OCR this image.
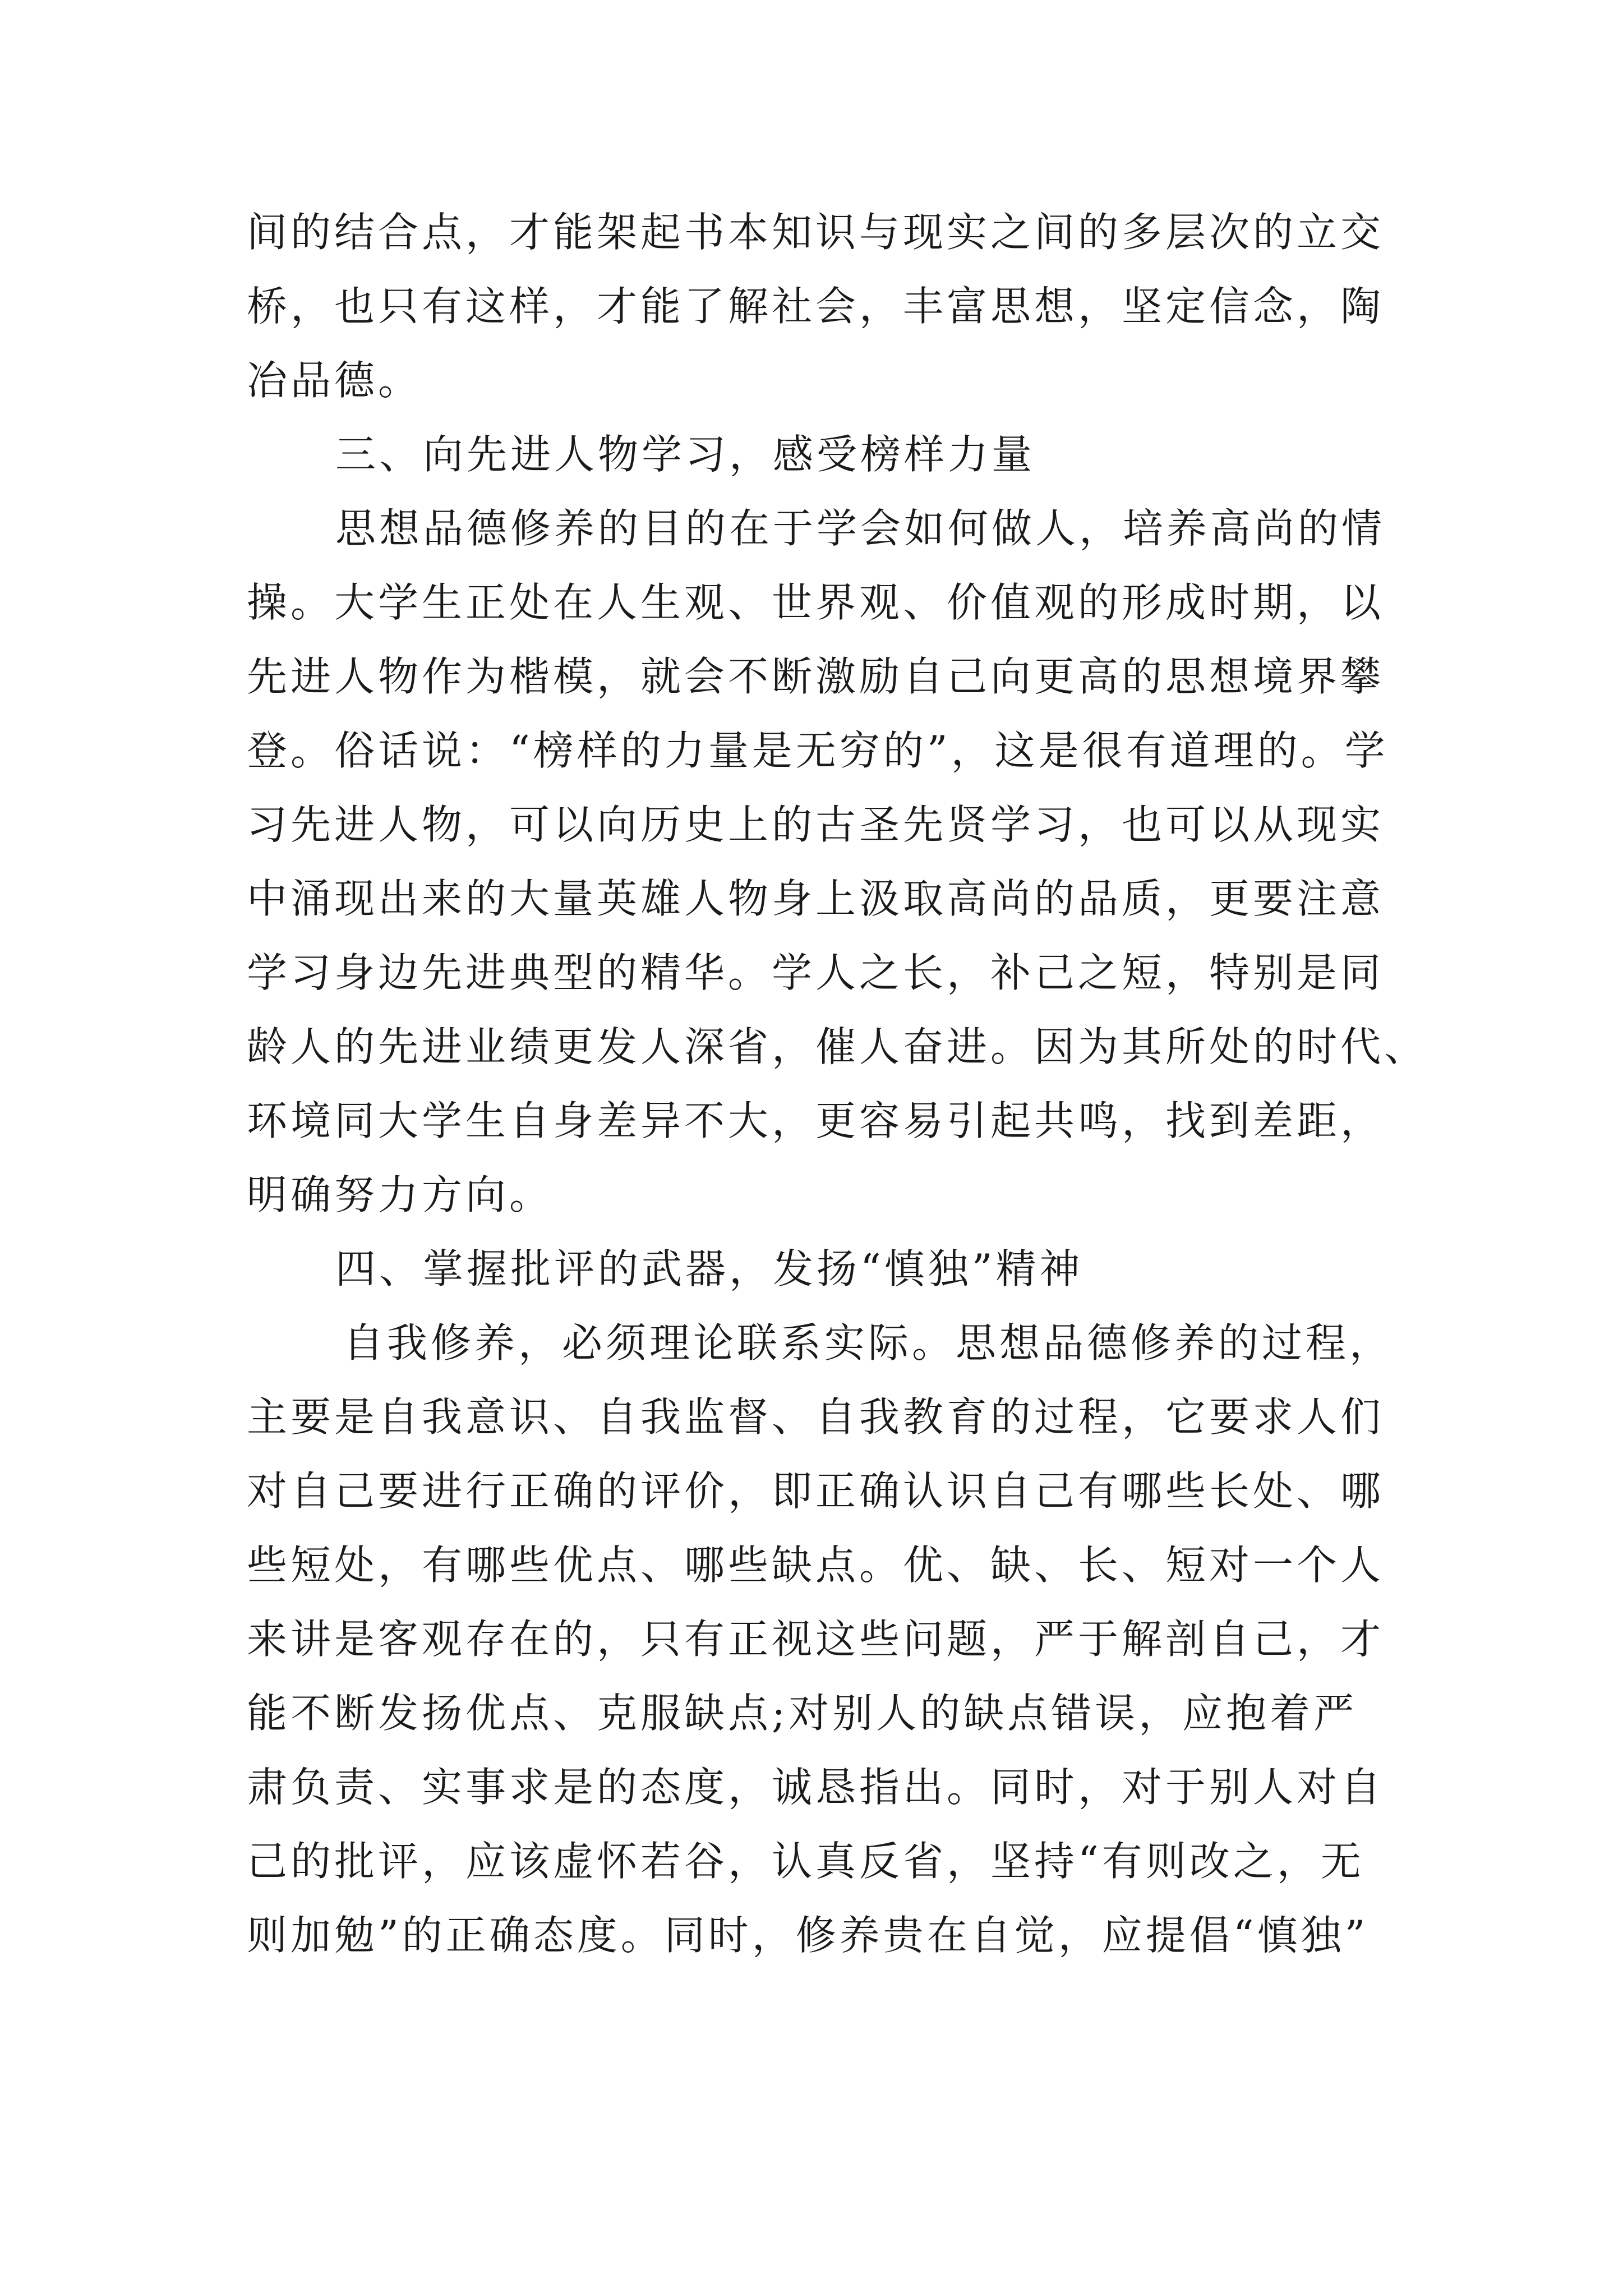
间的结合点，才能架起书本知识与现实之间的多层次的立交
桥，也只有这样，才能了解社会，丰富思想，坚定信念，陶
冶品德。
三、向先进人物学习，感受榜样力量
思想品德修养的目的在于学会如何做人，培养高尚的情
操。大学生正处在人生观、世界观、价值观的形成时期，以
先进人物作为楷模，就会不断激励自己向更高的思想境界攀
登。俗话说：“榜样的力量是无穷的”，这是很有道理的。学
习先进人物，可以向历史上的古圣先贤学习，也可以从现实
中涌现出来的大量英雄人物身上汲取高尚的品质，更要注意
学习身边先进典型的精华。学人之长，补己之短，特别是同
龄人的先进业绩更发人深省，催人奋进。因为其所处的时代、
环境同大学生自身差异不大，更容易引起共鸣，找到差距，
明确努力方向。
四、掌握批评的武器，发扬“慎独”精神
自我修养，必须理论联系实际。思想品德修养的过程，
主要是自我意识、自我监督、自我教育的过程，它要求人们
对自己要进行正确的评价，即正确认识自己有哪些长处、哪
些短处，有哪些优点、哪些缺点。优、缺、长、短对一个人
来讲是客观存在的，只有正视这些问题，严于解剖自己，才
能不断发扬优点、克服缺点;对别人的缺点错误，应抱着严
肃负责、实事求是的态度，诚恳指出。同时，对于别人对自
己的批评，应该虚怀若谷，认真反省，坚持“有则改之，无
则加勉”的正确态度。同时，修养贵在自觉，应提倡“慎独”
